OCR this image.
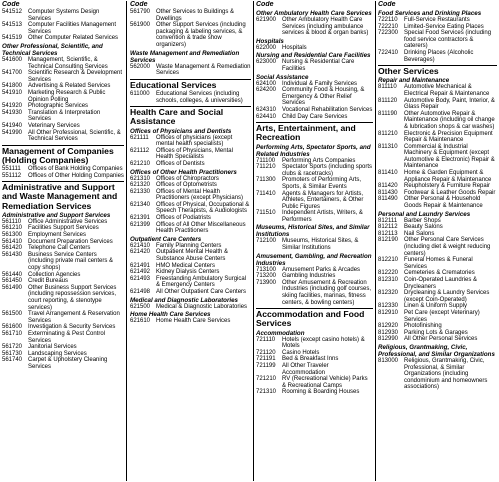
Code
541512 Computer Systems Design Services
541513 Computer Facilities Management Services
541519 Other Computer Related Services
Other Professional, Scientific, and Technical Services
541600 Management, Scientific, & Technical Consulting Services
541700 Scientific Research & Development Services
541800 Advertising & Related Services
541910 Marketing Research & Public Opinion Polling
541920 Photographic Services
541930 Translation & Interpretation Services
541940 Veterinary Services
541990 All Other Professional, Scientific, & Technical Services
Management of Companies (Holding Companies)
551111	Offices of Bank Holding Companies
551112	Offices of Other Holding Companies
Administrative and Support and Waste Management and Remediation Services
Administrative and Support Services
561110	Office Administrative Services
561210 Facilities Support Services
561300 Employment Services
561410 Document Preparation Services
561420 Telephone Call Centers
561430 Business Service Centers (including private mail centers & copy shops)
561440 Collection Agencies
561450 Credit Bureaus
561490 Other Business Support Services (including repossession services, court reporting, & stenotype services)
561500 Travel Arrangement & Reservation Services
561600 Investigation & Security Services
561710 Exterminating & Pest Control Services
561720 Janitorial Services
561730 Landscaping Services
561740 Carpet & Upholstery Cleaning Services
Code
561790 Other Services to Buildings & Dwellings
561900 Other Support Services (including packaging & labeling services, & convention & trade show organizers)
Waste Management and Remediation Services
562000 Waste Management & Remediation Services
Educational Services
611000	Educational Services (including schools, colleges, & universities)
Health Care and Social Assistance
Offices of Physicians and Dentists
621111	Offices of physicians (except mental health specialists)
621112	Offices of Physicians, Mental Health Specialists
621210 Offices of Dentists
Offices of Other Health Practitioners
621310 Offices of Chiropractors
621320 Offices of Optometrists
621330 Offices of Mental Health Practitioners (except Physicians)
621340 Offices of Physical, Occupational & Speech Therapists, & Audiologists
621391 Offices of Podiatrists
621399 Offices of All Other Miscellaneous Health Practitioners
Outpatient Care Centers
621410 Family Planning Centers
621420 Outpatient Mental Health & Substance Abuse Centers
621491 HMO Medical Centers
621492 Kidney Dialysis Centers
621493 Freestanding Ambulatory Surgical & Emergency Centers
621498 All Other Outpatient Care Centers
Medical and Diagnostic Laboratories
621500 Medical & Diagnostic Laboratories
Home Health Care Services
621610 Home Health Care Services
Code
Other Ambulatory Health Care Services
621900 Other Ambulatory Health Care Services (including ambulance services & blood & organ banks)
Hospitals
622000 Hospitals
Nursing and Residential Care Facilities
623000 Nursing & Residential Care Facilities
Social Assistance
624100 Individual & Family Services
624200 Community Food & Housing, & Emergency & Other Relief Services
624310 Vocational Rehabilitation Services
624410 Child Day Care Services
Arts, Entertainment, and Recreation
Performing Arts, Spectator Sports, and Related Industries
711100	Performing Arts Companies
711210	Spectator Sports (including sports clubs & racetracks)
711300	Promoters of Performing Arts, Sports, & Similar Events
711410	Agents & Managers for Artists, Athletes, Entertainers, & Other Public Figures
711510	Independent Artists, Writers, & Performers
Museums, Historical Sites, and Similar Institutions
712100 Museums, Historical Sites, & Similar Institutions
Amusement, Gambling, and Recreation Industries
713100 Amusement Parks & Arcades
713200 Gambling Industries
713900 Other Amusement & Recreation Industries (including golf courses, skiing facilities, marinas, fitness centers, & bowling centers)
Accommodation and Food Services
Accommodation
721110	Hotels (except casino hotels) & Motels
721120	Casino Hotels
721191	Bed & Breakfast Inns
721199	All Other Traveler Accommodation
721210 RV (Recreational Vehicle) Parks & Recreational Camps
721310 Rooming & Boarding Houses
Code
Food Services and Drinking Places
722110	Full-Service Restaurants
722210 Limited-Service Eating Places
722300 Special Food Services (including food service contractors & caterers)
722410 Drinking Places (Alcoholic Beverages)
Other Services
Repair and Maintenance
811110	Automotive Mechanical & Electrical Repair & Maintenance
811120	Automotive Body, Paint, Interior, & Glass Repair
811190	Other Automotive Repair & Maintenance (including oil change & lubrication shops & car washes)
811210	Electronic & Precision Equipment Repair & Maintenance
811310	Commercial & Industrial Machinery & Equipment (except Automotive & Electronic) Repair & Maintenance
811410	Home & Garden Equipment & Appliance Repair & Maintenance
811420	Reupholstery & Furniture Repair
811430	Footwear & Leather Goods Repair
811490	Other Personal & Household Goods Repair & Maintenance
Personal and Laundry Services
812111	Barber Shops
812112	Beauty Salons
812113	Nail Salons
812190 Other Personal Care Services (including diet & weight reducing centers)
812210 Funeral Homes & Funeral Services
812220 Cemeteries & Crematories
812310 Coin-Operated Laundries & Drycleaners
812320 Drycleaning & Laundry Services (except Coin-Operated)
812330 Linen & Uniform Supply
812910 Pet Care (except Veterinary) Services
812920 Photofinishing
812930 Parking Lots & Garages
812990 All Other Personal Services
Religious, Grantmaking, Civic, Professional, and Similar Organizations
813000 Religious, Grantmaking, Civic, Professional, & Similar Organizations (including condominium and homeowners associations)
